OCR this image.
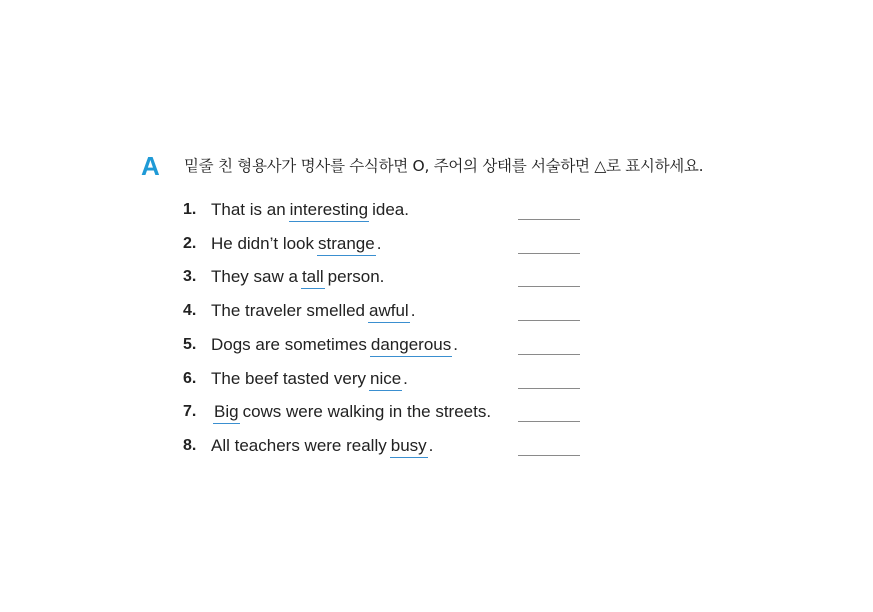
A 밑줄 친 형용사가 명사를 수식하면 O, 주어의 상태를 서술하면 △로 표시하세요.
1. That is an interesting idea.
2. He didn’t look strange .
3. They saw a tall person.
4. The traveler smelled awful .
5. Dogs are sometimes dangerous .
6. The beef tasted very nice .
7. Big cows were walking in the streets.
8. All teachers were really busy .
